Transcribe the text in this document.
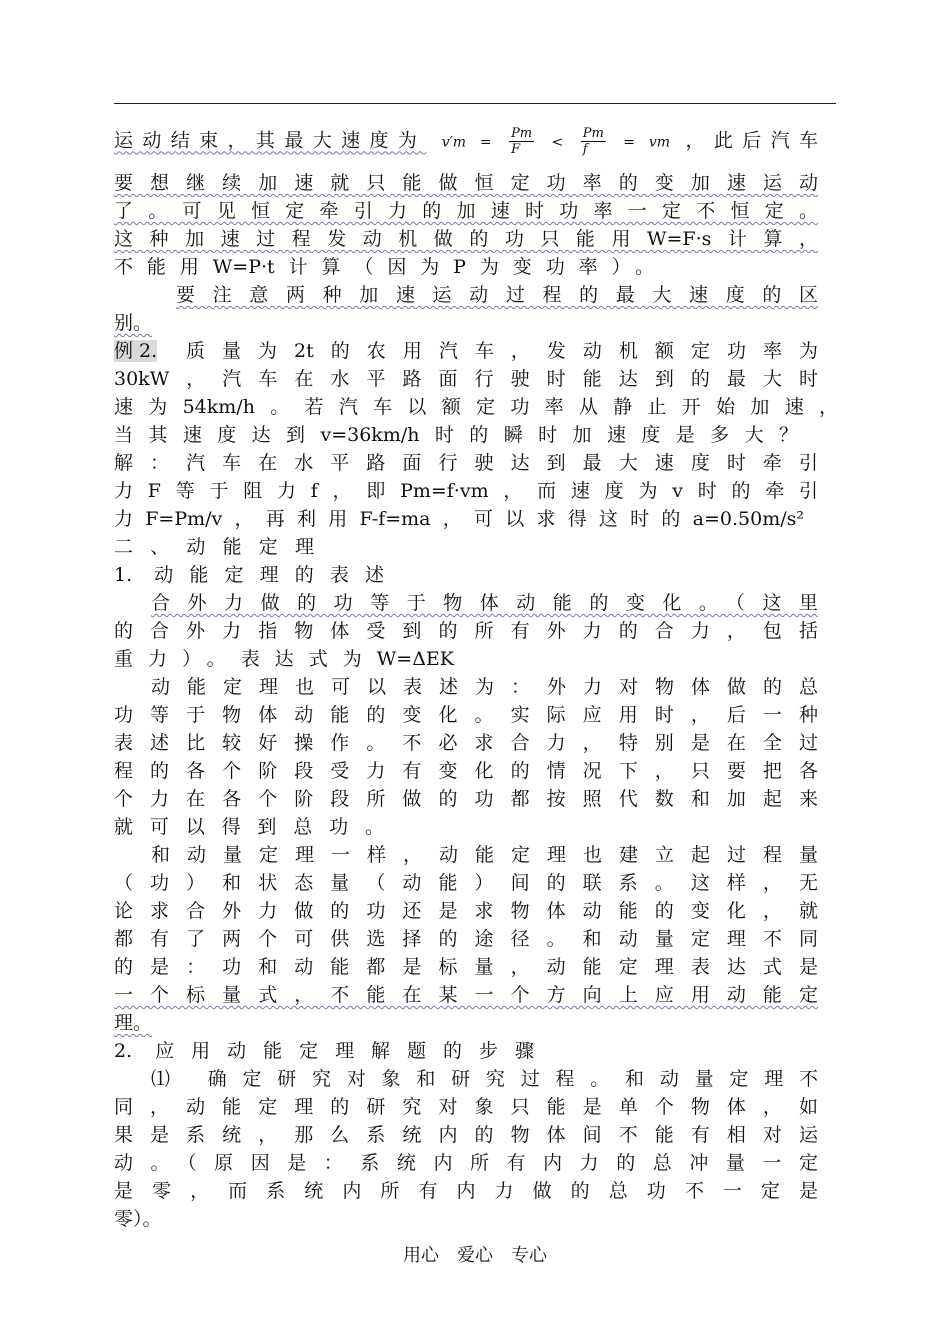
运动结束，其最大速度为 $v'm = \frac{Pm}{F} < \frac{Pm}{f}$ = vm ，此后汽车
要想继续加速就只能做恒定功率的变加速运动
了。可见恒定牵引力的加速时功率一定不恒定。
这种加速过程发动机做的功只能用W=F·s计算，
不能用W=P·t计算（因为P为变功率）。
要注意两种加速运动过程的最大速度的区
别。
例 2.	质量为2t的农用汽车，发动机额定功率为
30kW，汽车在水平路面行驶时能达到的最大时
速为54km/h。若汽车以额定功率从静止开始加速，
当其速度达到v=36km/h时的瞬时加速度是多大？
解：汽车在水平路面行驶达到最大速度时牵引
力F等于阻力f，即Pm=f·vm，而速度为v时的牵引
力F=Pm/v，再利用F-f=ma，可以求得这时的a=0.50m/s²
二、动能定理
1. 动能定理的表述
合外力做的功等于物体动能的变化。（这里
的合外力指物体受到的所有外力的合力，包括
重力）。表达式为W=ΔEK
动能定理也可以表述为：外力对物体做的总
功等于物体动能的变化。实际应用时，后一种
表述比较好操作。不必求合力，特别是在全过
程的各个阶段受力有变化的情况下，只要把各
个力在各个阶段所做的功都按照代数和加起来
就可以得到总功。
和动量定理一样，动能定理也建立起过程量
（功）和状态量（动能）间的联系。这样，无
论求合外力做的功还是求物体动能的变化，就
都有了两个可供选择的途径。和动量定理不同
的是：功和动能都是标量，动能定理表达式是
一个标量式，不能在某一个方向上应用动能定
理。
2. 应用动能定理解题的步骤
⑴ 确定研究对象和研究过程。和动量定理不
同，动能定理的研究对象只能是单个物体，如
果是系统，那么系统内的物体间不能有相对运
动。（原因是：系统内所有内力的总冲量一定
是零，而系统内所有内力做的总功不一定是
零）。
用心　爱心　专心
